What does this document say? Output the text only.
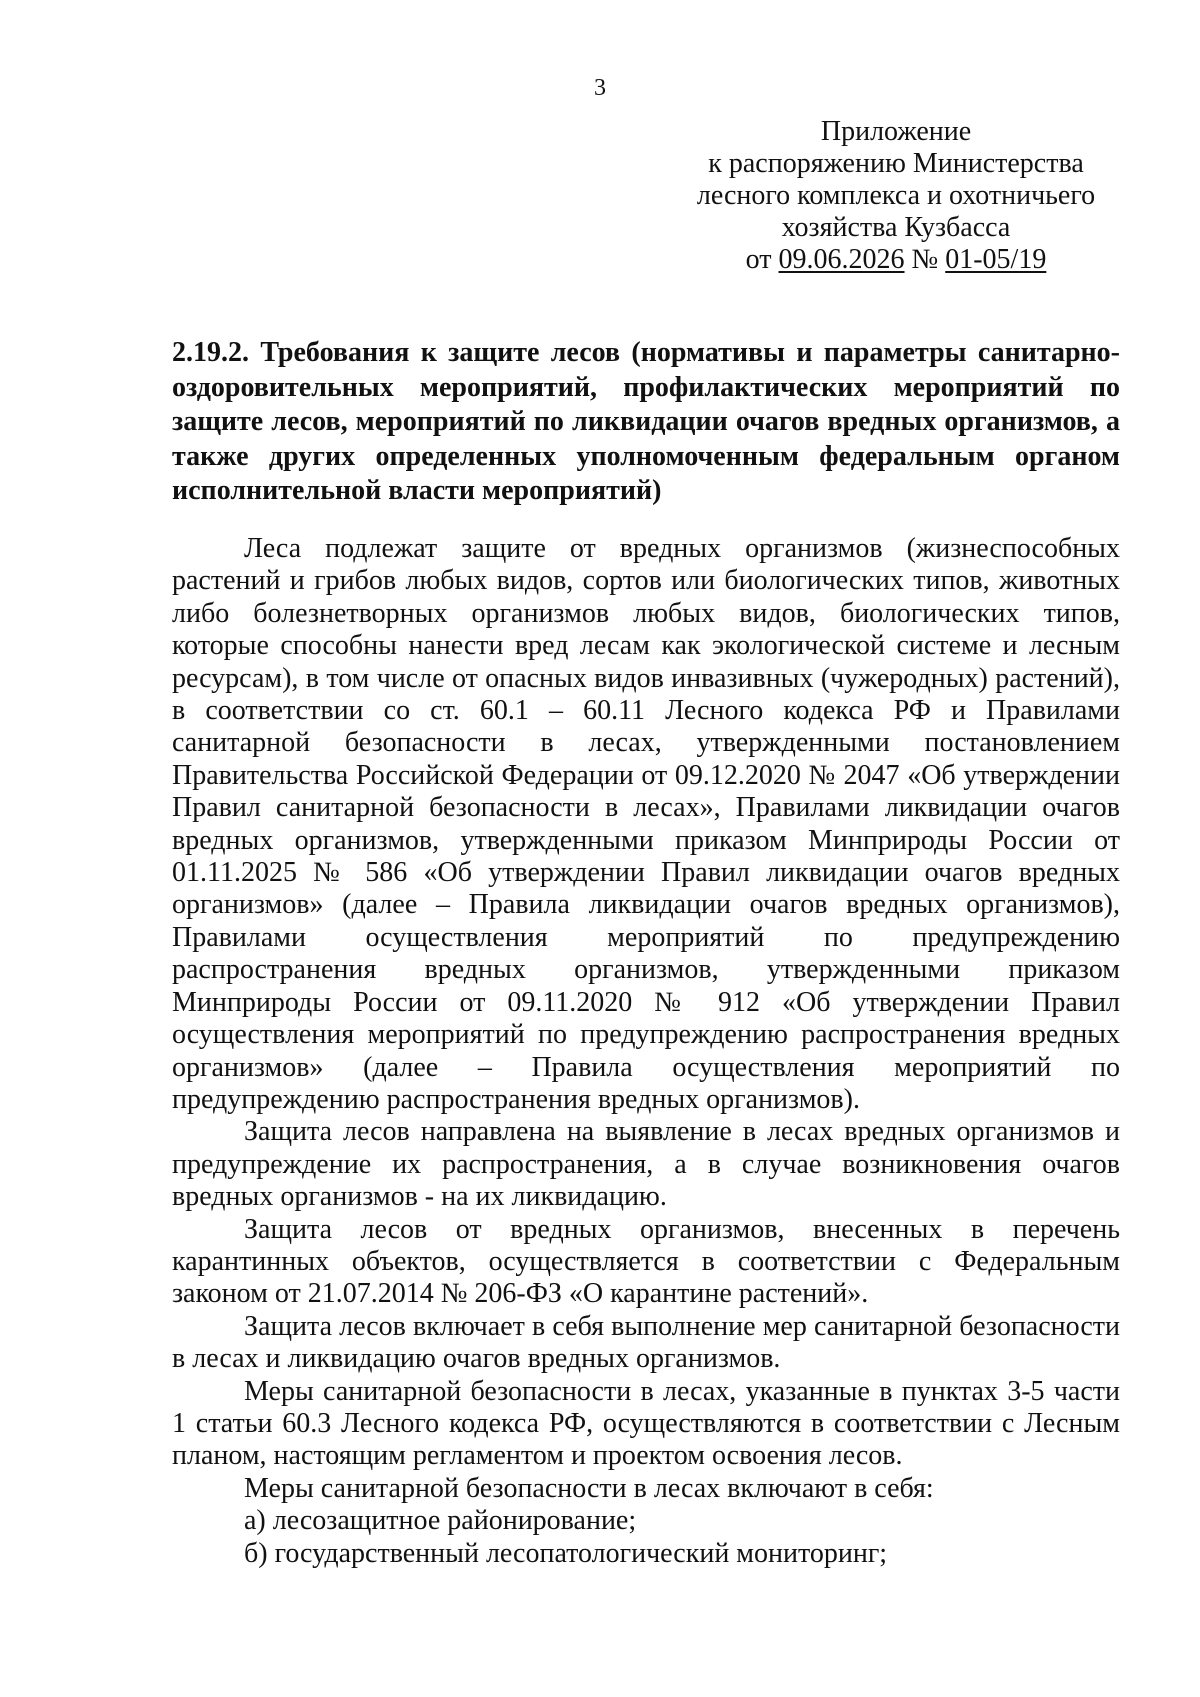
3
Приложение
к распоряжению Министерства
лесного комплекса и охотничьего
хозяйства Кузбасса
от 09.06.2026 № 01-05/19
2.19.2. Требования к защите лесов (нормативы и параметры санитарно-оздоровительных мероприятий, профилактических мероприятий по защите лесов, мероприятий по ликвидации очагов вредных организмов, а также других определенных уполномоченным федеральным органом исполнительной власти мероприятий)

Леса подлежат защите от вредных организмов (жизнеспособных растений и грибов любых видов, сортов или биологических типов, животных либо болезнетворных организмов любых видов, биологических типов, которые способны нанести вред лесам как экологической системе и лесным ресурсам), в том числе от опасных видов инвазивных (чужеродных) растений), в соответствии со ст. 60.1 – 60.11 Лесного кодекса РФ и Правилами санитарной безопасности в лесах, утвержденными постановлением Правительства Российской Федерации от 09.12.2020 № 2047 «Об утверждении Правил санитарной безопасности в лесах», Правилами ликвидации очагов вредных организмов, утвержденными приказом Минприроды России от 01.11.2025 № 586 «Об утверждении Правил ликвидации очагов вредных организмов» (далее – Правила ликвидации очагов вредных организмов), Правилами осуществления мероприятий по предупреждению распространения вредных организмов, утвержденными приказом Минприроды России от 09.11.2020 № 912 «Об утверждении Правил осуществления мероприятий по предупреждению распространения вредных организмов» (далее – Правила осуществления мероприятий по предупреждению распространения вредных организмов).

Защита лесов направлена на выявление в лесах вредных организмов и предупреждение их распространения, а в случае возникновения очагов вредных организмов - на их ликвидацию.

Защита лесов от вредных организмов, внесенных в перечень карантинных объектов, осуществляется в соответствии с Федеральным законом от 21.07.2014 № 206-ФЗ «О карантине растений».

Защита лесов включает в себя выполнение мер санитарной безопасности в лесах и ликвидацию очагов вредных организмов.

Меры санитарной безопасности в лесах, указанные в пунктах 3-5 части 1 статьи 60.3 Лесного кодекса РФ, осуществляются в соответствии с Лесным планом, настоящим регламентом и проектом освоения лесов.

Меры санитарной безопасности в лесах включают в себя:

а) лесозащитное районирование;

б) государственный лесопатологический мониторинг;
